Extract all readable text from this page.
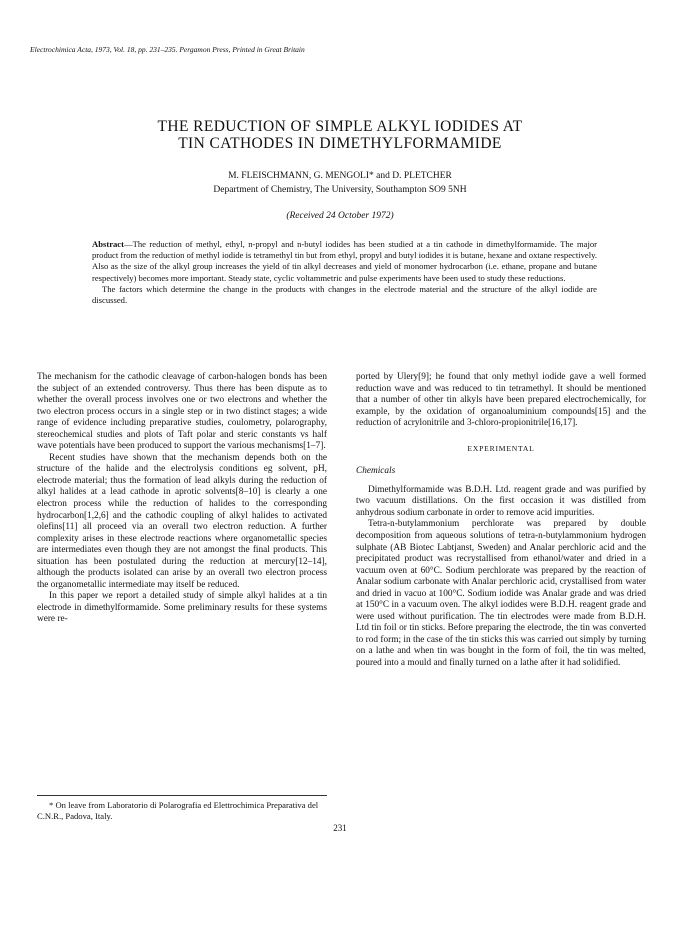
Electrochimica Acta, 1973, Vol. 18, pp. 231–235. Pergamon Press, Printed in Great Britain
THE REDUCTION OF SIMPLE ALKYL IODIDES AT
TIN CATHODES IN DIMETHYLFORMAMIDE
M. FLEISCHMANN, G. MENGOLI* and D. PLETCHER
Department of Chemistry, The University, Southampton SO9 5NH
(Received 24 October 1972)

Abstract—The reduction of methyl, ethyl, n-propyl and n-butyl iodides has been studied at a tin cathode in dimethylformamide. The major product from the reduction of methyl iodide is tetramethyl tin but from ethyl, propyl and butyl iodides it is butane, hexane and oxtane respectively. Also as the size of the alkyl group increases the yield of tin alkyl decreases and yield of monomer hydrocarbon (i.e. ethane, propane and butane respectively) becomes more important. Steady state, cyclic voltammetric and pulse experiments have been used to study these reductions.

The factors which determine the change in the products with changes in the electrode material and the structure of the alkyl iodide are discussed.

The mechanism for the cathodic cleavage of carbon-halogen bonds has been the subject of an extended controversy. Thus there has been dispute as to whether the overall process involves one or two electrons and whether the two electron process occurs in a single step or in two distinct stages; a wide range of evidence including preparative studies, coulometry, polarography, stereochemical studies and plots of Taft polar and steric constants vs half wave potentials have been produced to support the various mechanisms[1–7].

Recent studies have shown that the mechanism depends both on the structure of the halide and the electrolysis conditions eg solvent, pH, electrode material; thus the formation of lead alkyls during the reduction of alkyl halides at a lead cathode in aprotic solvents[8–10] is clearly a one electron process while the reduction of halides to the corresponding hydrocarbon[1,2,6] and the cathodic coupling of alkyl halides to activated olefins[11] all proceed via an overall two electron reduction. A further complexity arises in these electrode reactions where organometallic species are intermediates even though they are not amongst the final products. This situation has been postulated during the reduction at mercury[12–14], although the products isolated can arise by an overall two electron process the organometallic intermediate may itself be reduced.

In this paper we report a detailed study of simple alkyl halides at a tin electrode in dimethylformamide. Some preliminary results for these systems were re-

ported by Ulery[9]; he found that only methyl iodide gave a well formed reduction wave and was reduced to tin tetramethyl. It should be mentioned that a number of other tin alkyls have been prepared electrochemically, for example, by the oxidation of organoaluminium compounds[15] and the reduction of acrylonitrile and 3-chloro-propionitrile[16,17].

EXPERIMENTAL
Chemicals

Dimethylformamide was B.D.H. Ltd. reagent grade and was purified by two vacuum distillations. On the first occasion it was distilled from anhydrous sodium carbonate in order to remove acid impurities.

Tetra-n-butylammonium perchlorate was prepared by double decomposition from aqueous solutions of tetra-n-butylammonium hydrogen sulphate (AB Biotec Labtjanst, Sweden) and Analar perchloric acid and the precipitated product was recrystallised from ethanol/water and dried in a vacuum oven at 60°C. Sodium perchlorate was prepared by the reaction of Analar sodium carbonate with Analar perchloric acid, crystallised from water and dried in vacuo at 100°C. Sodium iodide was Analar grade and was dried at 150°C in a vacuum oven. The alkyl iodides were B.D.H. reagent grade and were used without purification. The tin electrodes were made from B.D.H. Ltd tin foil or tin sticks. Before preparing the electrode, the tin was converted to rod form; in the case of the tin sticks this was carried out simply by turning on a lathe and when tin was bought in the form of foil, the tin was melted, poured into a mould and finally turned on a lathe after it had solidified.

* On leave from Laboratorio di Polarografia ed Elettrochimica Preparativa del C.N.R., Padova, Italy.

231
